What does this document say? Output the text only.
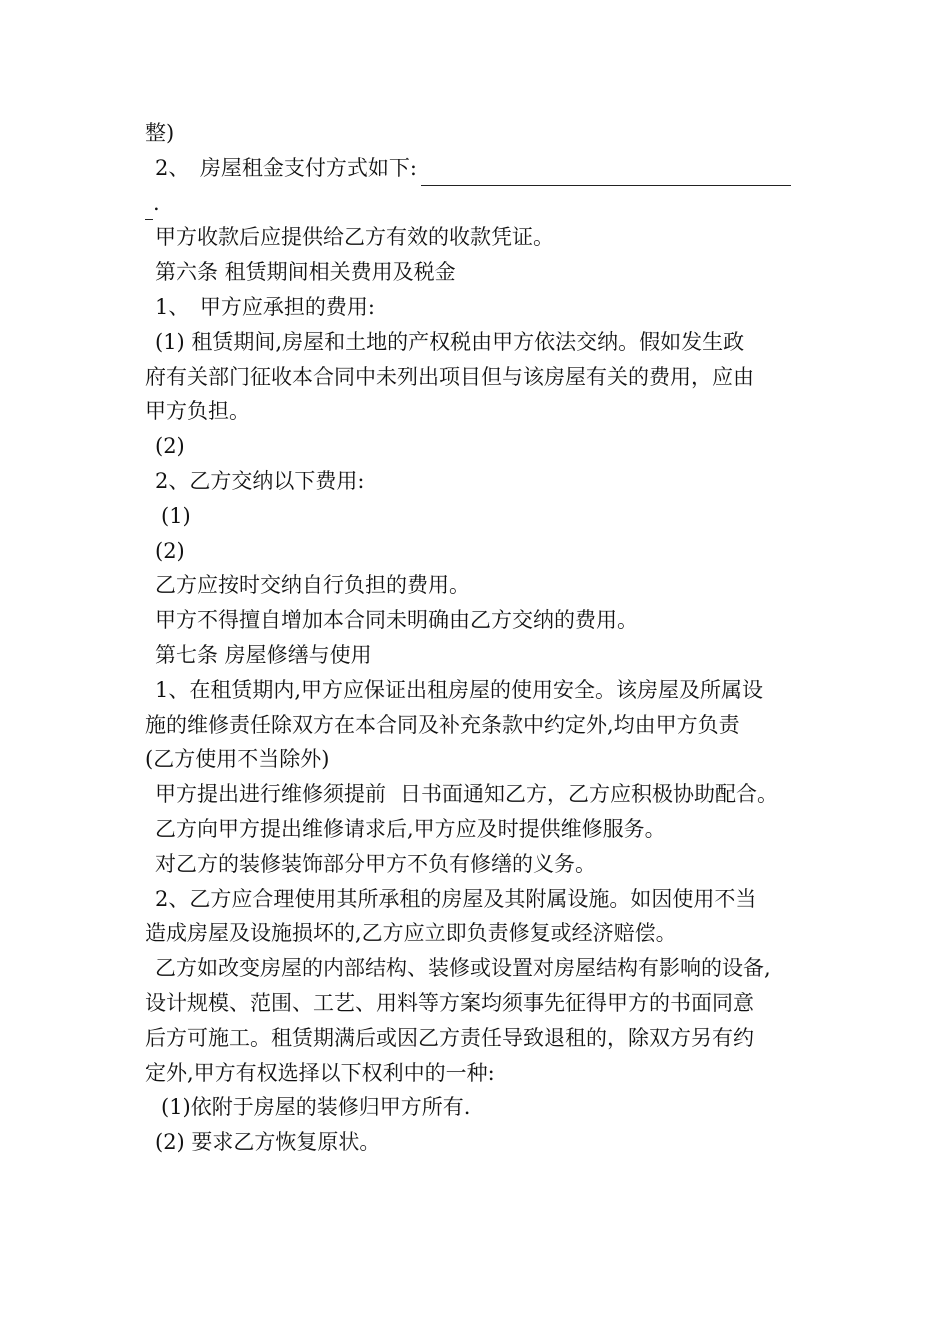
整)

2、　房屋租金支付方式如下:

.

甲方收款后应提供给乙方有效的收款凭证。

第六条 租赁期间相关费用及税金

1、　甲方应承担的费用:

(1) 租赁期间,房屋和土地的产权税由甲方依法交纳。假如发生政

府有关部门征收本合同中未列出项目但与该房屋有关的费用，应由

甲方负担。

(2)

2、乙方交纳以下费用:

(1)

(2)

乙方应按时交纳自行负担的费用。

甲方不得擅自增加本合同未明确由乙方交纳的费用。

第七条 房屋修缮与使用

1、在租赁期内,甲方应保证出租房屋的使用安全。该房屋及所属设

施的维修责任除双方在本合同及补充条款中约定外,均由甲方负责

(乙方使用不当除外)

甲方提出进行维修须提前 日书面通知乙方，乙方应积极协助配合。

乙方向甲方提出维修请求后,甲方应及时提供维修服务。

对乙方的装修装饰部分甲方不负有修缮的义务。

2、乙方应合理使用其所承租的房屋及其附属设施。如因使用不当

造成房屋及设施损坏的,乙方应立即负责修复或经济赔偿。

乙方如改变房屋的内部结构、装修或设置对房屋结构有影响的设备,

设计规模、范围、工艺、用料等方案均须事先征得甲方的书面同意

后方可施工。租赁期满后或因乙方责任导致退租的，除双方另有约

定外,甲方有权选择以下权利中的一种:

(1)依附于房屋的装修归甲方所有.

(2) 要求乙方恢复原状。
